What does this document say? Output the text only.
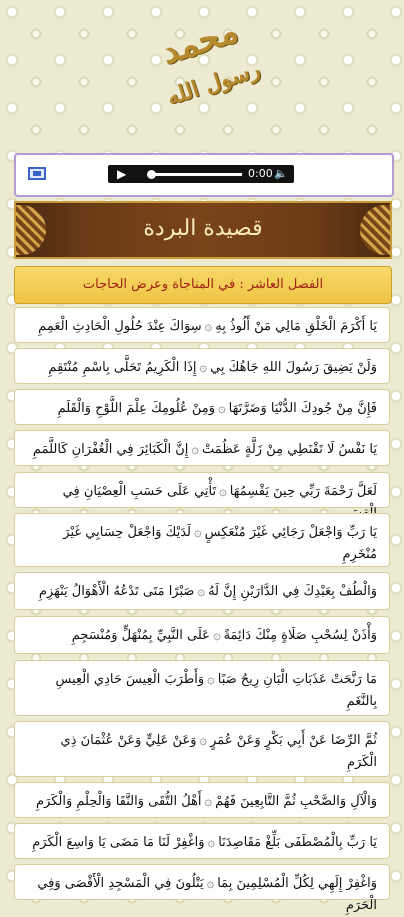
محمد
رسول الله
▶	0:00 🔈
قصيدة البردة
الفصل العاشر : في المناجاة وعرض الحاجات
يَا أَكْرَمَ الْخَلْقِ مَالِي مَنْ أَلُوذُ بِهِ۞سِوَاكَ عِنْدَ حُلُولِ الْحَادِثِ الْعَمِمِ
وَلَنْ يَضِيقَ رَسُولَ اللهِ جَاهُكَ بِي۞إِذَا الْكَرِيمُ تَحَلَّى بِاسْمِ مُنْتَقِمِ
فَإِنَّ مِنْ جُودِكَ الدُّنْيَا وَضَرَّتَهَا۞وَمِنْ عُلُومِكَ عِلْمَ اللَّوْحِ وَالْقَلَمِ
يَا نَفْسُ لَا تَقْنَطِي مِنْ زَلَّةٍ عَظُمَتْ۞إِنَّ الْكَبَائِرَ فِي الْغُفْرَانِ كَاللَّمَمِ
لَعَلَّ رَحْمَةَ رَبِّي حِينَ يَقْسِمُهَا۞تَأْتِي عَلَى حَسَبِ الْعِصْيَانِ فِي
يَا رَبِّ وَاجْعَلْ رَجَائِي غَيْرَ مُنْعَكِسٍ۞لَدَيْكَ وَاجْعَلْ حِسَابِي غَيْرَ مُنْخَرِمِ
وَالْطُفْ بِعَبْدِكَ فِي الدَّارَيْنِ إِنَّ لَهُ۞صَبْرًا مَتَى تَدْعُهُ الْأَهْوَالُ يَنْهَزِمِ
وَأْذَنْ لِسُحْبِ صَلَاةٍ مِنْكَ دَائِمَةً۞عَلَى النَّبِيِّ بِمُنْهَلٍّ وَمُنْسَجِمِ
مَا رَنَّحَتْ عَذَبَاتِ الْبَانِ رِيحُ صَبًا۞وَأَطْرَبَ الْعِيسَ حَادِي الْعِيسِ بِالنَّغَمِ
ثُمَّ الرِّضَا عَنْ أَبِي بَكْرٍ وَعَنْ عُمَرٍ۞وَعَنْ عَلِيٍّ وَعَنْ عُثْمَانَ ذِي الْكَرَمِ
وَالْآلِ وَالصَّحْبِ ثُمَّ التَّابِعِينَ فَهُمْ۞أَهْلُ التُّقَى وَالنَّقَا وَالْحِلْمِ وَالْكَرَمِ
يَا رَبِّ بِالْمُصْطَفَى بَلِّغْ مَقَاصِدَنَا۞وَاغْفِرْ لَنَا مَا مَضَى يَا وَاسِعَ الْكَرَمِ
وَاغْفِرْ إِلَهِي لِكُلِّ الْمُسْلِمِينَ بِمَا۞يَتْلُونَ فِي الْمَسْجِدِ الْأَقْصَى وَفِي الْحَرَمِ
